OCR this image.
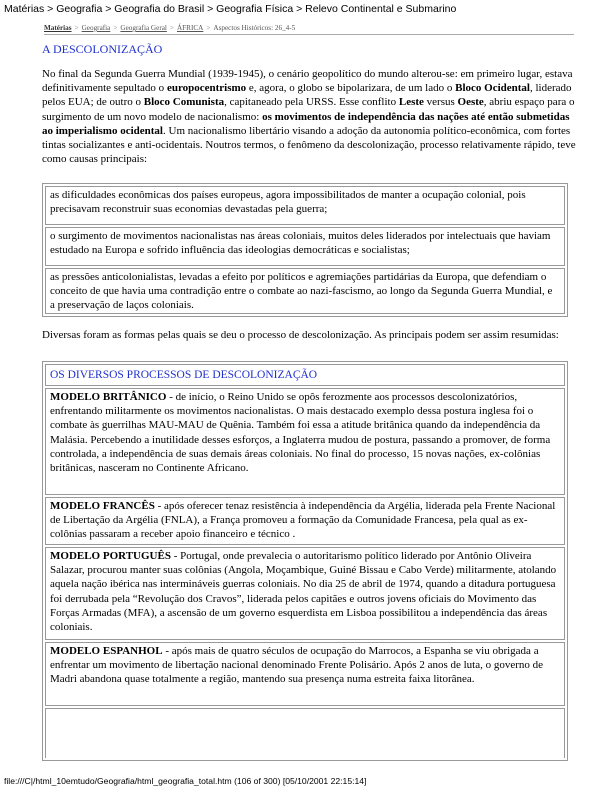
Matérias > Geografia > Geografia do Brasil > Geografia Física > Relevo Continental e Submarino
Matérias > Geografia > Geografia Geral > ÁFRICA > Aspectos Históricos: 26_4-5
A DESCOLONIZAÇÃO

No final da Segunda Guerra Mundial (1939-1945), o cenário geopolítico do mundo alterou-se: em primeiro lugar, estava definitivamente sepultado o europocentrismo e, agora, o globo se bipolarizara, de um lado o Bloco Ocidental, liderado pelos EUA; de outro o Bloco Comunista, capitaneado pela URSS. Esse conflito Leste versus Oeste, abriu espaço para o surgimento de um novo modelo de nacionalismo: os movimentos de independência das nações até então submetidas ao imperialismo ocidental. Um nacionalismo libertário visando a adoção da autonomia político-econômica, com fortes tintas socializantes e anti-ocidentais. Noutros termos, o fenômeno da descolonização, processo relativamente rápido, teve como causas principais:

as dificuldades econômicas dos países europeus, agora impossibilitados de manter a ocupação colonial, pois precisavam reconstruir suas economias devastadas pela guerra;
o surgimento de movimentos nacionalistas nas áreas coloniais, muitos deles liderados por intelectuais que haviam estudado na Europa e sofrido influência das ideologias democráticas e socialistas;
as pressões anticolonialistas, levadas a efeito por políticos e agremiações partidárias da Europa, que defendiam o conceito de que havia uma contradição entre o combate ao nazi-fascismo, ao longo da Segunda Guerra Mundial, e a preservação de laços coloniais.

Diversas foram as formas pelas quais se deu o processo de descolonização. As principais podem ser assim resumidas:

OS DIVERSOS PROCESSOS DE DESCOLONIZAÇÃO
MODELO BRITÂNICO - de início, o Reino Unido se opôs ferozmente aos processos descolonizatórios, enfrentando militarmente os movimentos nacionalistas. O mais destacado exemplo dessa postura inglesa foi o combate às guerrilhas MAU-MAU de Quênia. Também foi essa a atitude britânica quando da independência da Malásia. Percebendo a inutilidade desses esforços, a Inglaterra mudou de postura, passando a promover, de forma controlada, a independência de suas demais áreas coloniais. No final do processo, 15 novas nações, ex-colônias britânicas, nasceram no Continente Africano.
MODELO FRANCÊS - após oferecer tenaz resistência à independência da Argélia, liderada pela Frente Nacional de Libertação da Argélia (FNLA), a França promoveu a formação da Comunidade Francesa, pela qual as ex-colônias passaram a receber apoio financeiro e técnico .
MODELO PORTUGUÊS - Portugal, onde prevalecia o autoritarismo político liderado por Antônio Oliveira Salazar, procurou manter suas colônias (Angola, Moçambique, Guiné Bissau e Cabo Verde) militarmente, atolando aquela nação ibérica nas intermináveis guerras coloniais. No dia 25 de abril de 1974, quando a ditadura portuguesa foi derrubada pela “Revolução dos Cravos”, liderada pelos capitães e outros jovens oficiais do Movimento das Forças Armadas (MFA), a ascensão de um governo esquerdista em Lisboa possibilitou a independência das áreas coloniais.
MODELO ESPANHOL - após mais de quatro séculos de ocupação do Marrocos, a Espanha se viu obrigada a enfrentar um movimento de libertação nacional denominado Frente Polisário. Após 2 anos de luta, o governo de Madri abandona quase totalmente a região, mantendo sua presença numa estreita faixa litorânea.
file:///C|/html_10emtudo/Geografia/html_geografia_total.htm (106 of 300) [05/10/2001 22:15:14]
